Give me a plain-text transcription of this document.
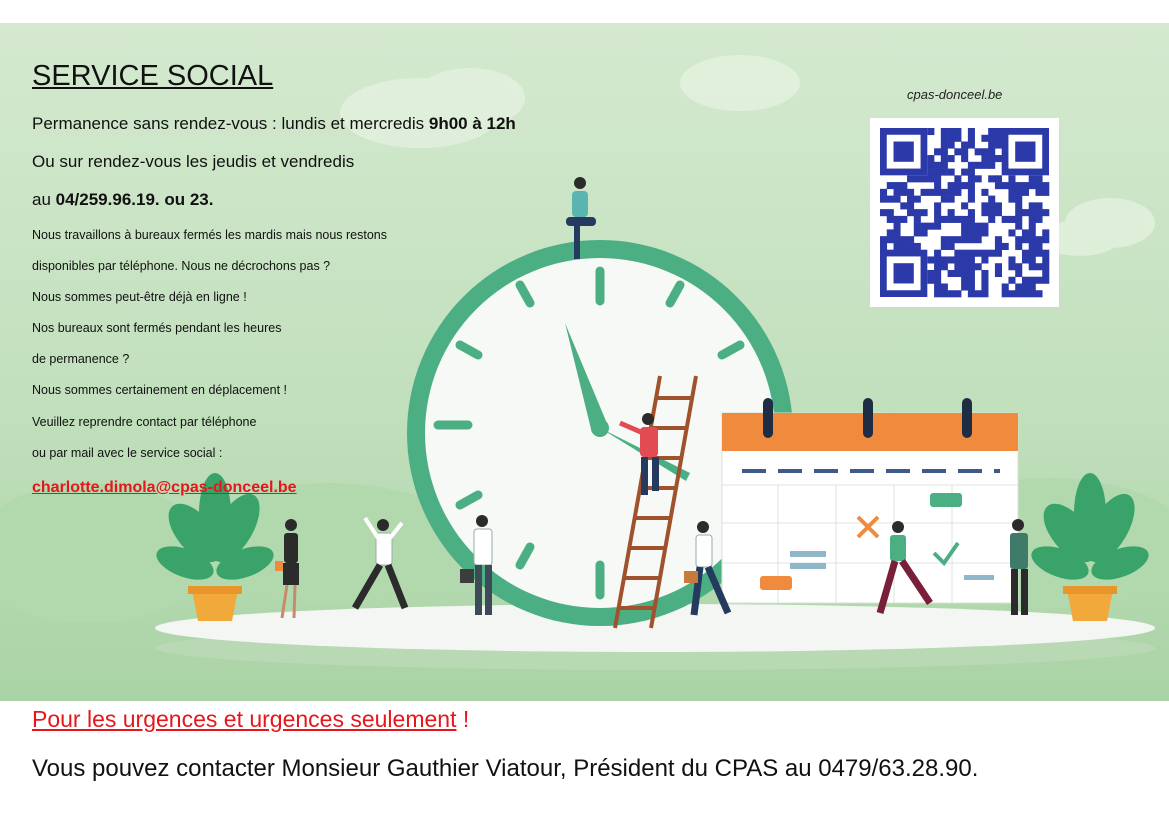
SERVICE SOCIAL

Permanence sans rendez-vous : lundis et mercredis 9h00 à 12h

Ou sur rendez-vous les jeudis et vendredis

au 04/259.96.19. ou 23.

Nous travaillons à bureaux fermés les mardis mais nous restons

disponibles par téléphone. Nous ne décrochons pas ?

Nous sommes peut-être déjà en ligne !

Nos bureaux sont fermés pendant les heures

de permanence ?

Nous sommes certainement en déplacement !

Veuillez reprendre contact par téléphone

ou par mail avec le service social :

charlotte.dimola@cpas-donceel.be

cpas-donceel.be

Pour les urgences et urgences seulement !

Vous pouvez contacter Monsieur Gauthier Viatour, Président du CPAS au 0479/63.28.90.
